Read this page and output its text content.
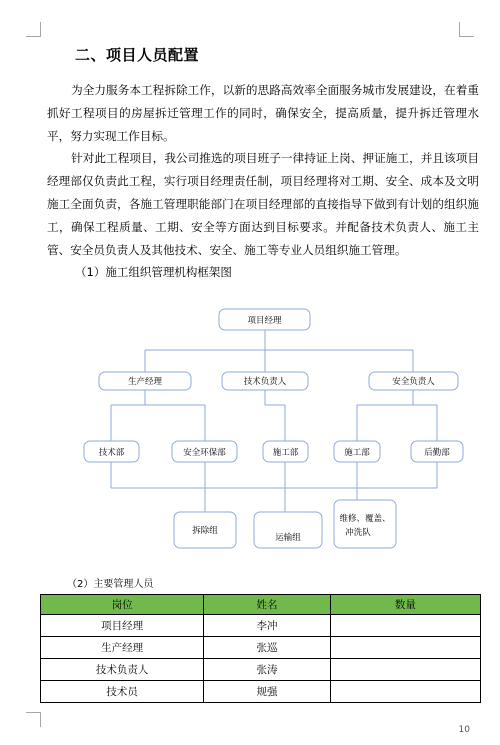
二、项目人员配置
为全力服务本工程拆除工作，以新的思路高效率全面服务城市发展建设，在着重抓好工程项目的房屋拆迁管理工作的同时，确保安全，提高质量，提升拆迁管理水平，努力实现工作目标。
针对此工程项目，我公司推选的项目班子一律持证上岗、押证施工，并且该项目经理部仅负责此工程，实行项目经理责任制，项目经理将对工期、安全、成本及文明施工全面负责，各施工管理职能部门在项目经理部的直接指导下做到有计划的组织施工，确保工程质量、工期、安全等方面达到目标要求。并配备技术负责人、施工主管、安全员负责人及其他技术、安全、施工等专业人员组织施工管理。
（1）施工组织管理机构框架图
项目经理
生产经理	技术负责人	安全负责人
技术部	安全环保部	施工部	施工部	后勤部
拆除组
运输组
维修、覆盖、
冲洗队
（2）主要管理人员
岗位	姓名	数量
项目经理	李冲	
生产经理	张巡	
技术负责人	张涛	
技术员	规强	
10
